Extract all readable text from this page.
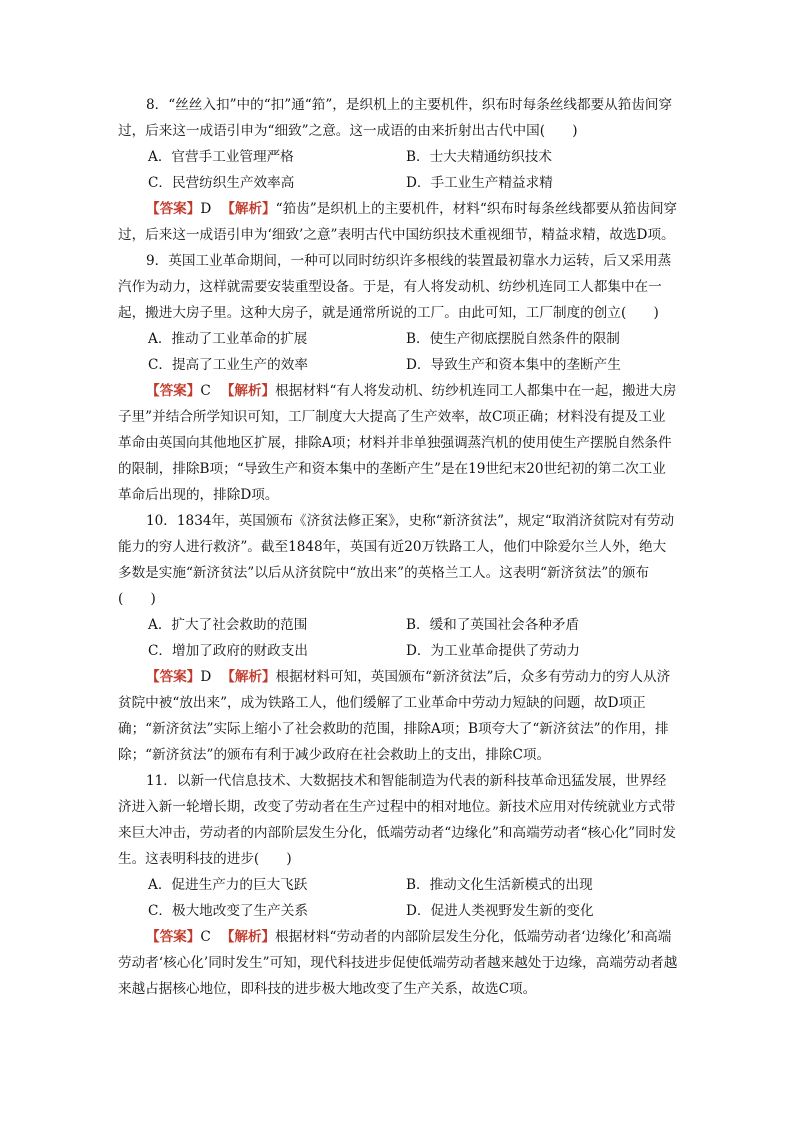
8．“丝丝入扣”中的“扣”通“筘”，是织机上的主要机件，织布时每条丝线都要从筘齿间穿过，后来这一成语引申为“细致”之意。这一成语的由来折射出古代中国(　　)

A．官营手工业管理严格	B．士大夫精通纺织技术
C．民营纺织生产效率高	D．手工业生产精益求精

【答案】D 【解析】“筘齿”是织机上的主要机件，材料“织布时每条丝线都要从筘齿间穿过，后来这一成语引申为‘细致’之意”表明古代中国纺织技术重视细节，精益求精，故选D项。

9．英国工业革命期间，一种可以同时纺织许多根线的装置最初靠水力运转，后又采用蒸汽作为动力，这样就需要安装重型设备。于是，有人将发动机、纺纱机连同工人都集中在一起，搬进大房子里。这种大房子，就是通常所说的工厂。由此可知，工厂制度的创立(　　)

A．推动了工业革命的扩展	B．使生产彻底摆脱自然条件的限制
C．提高了工业生产的效率	D．导致生产和资本集中的垄断产生

【答案】C 【解析】根据材料“有人将发动机、纺纱机连同工人都集中在一起，搬进大房子里”并结合所学知识可知，工厂制度大大提高了生产效率，故C项正确；材料没有提及工业革命由英国向其他地区扩展，排除A项；材料并非单独强调蒸汽机的使用使生产摆脱自然条件的限制，排除B项；“导致生产和资本集中的垄断产生”是在19世纪末20世纪初的第二次工业革命后出现的，排除D项。

10．1834年，英国颁布《济贫法修正案》，史称“新济贫法”，规定“取消济贫院对有劳动能力的穷人进行救济”。截至1848年，英国有近20万铁路工人，他们中除爱尔兰人外，绝大多数是实施“新济贫法”以后从济贫院中“放出来”的英格兰工人。这表明“新济贫法”的颁布(　　)

A．扩大了社会救助的范围	B．缓和了英国社会各种矛盾
C．增加了政府的财政支出	D．为工业革命提供了劳动力

【答案】D 【解析】根据材料可知，英国颁布“新济贫法”后，众多有劳动力的穷人从济贫院中被“放出来”，成为铁路工人，他们缓解了工业革命中劳动力短缺的问题，故D项正确；“新济贫法”实际上缩小了社会救助的范围，排除A项；B项夸大了“新济贫法”的作用，排除；“新济贫法”的颁布有利于减少政府在社会救助上的支出，排除C项。

11．以新一代信息技术、大数据技术和智能制造为代表的新科技革命迅猛发展，世界经济进入新一轮增长期，改变了劳动者在生产过程中的相对地位。新技术应用对传统就业方式带来巨大冲击，劳动者的内部阶层发生分化，低端劳动者“边缘化”和高端劳动者“核心化”同时发生。这表明科技的进步(　　)

A．促进生产力的巨大飞跃	B．推动文化生活新模式的出现
C．极大地改变了生产关系	D．促进人类视野发生新的变化

【答案】C 【解析】根据材料“劳动者的内部阶层发生分化，低端劳动者‘边缘化’和高端劳动者‘核心化’同时发生”可知，现代科技进步促使低端劳动者越来越处于边缘，高端劳动者越来越占据核心地位，即科技的进步极大地改变了生产关系，故选C项。
